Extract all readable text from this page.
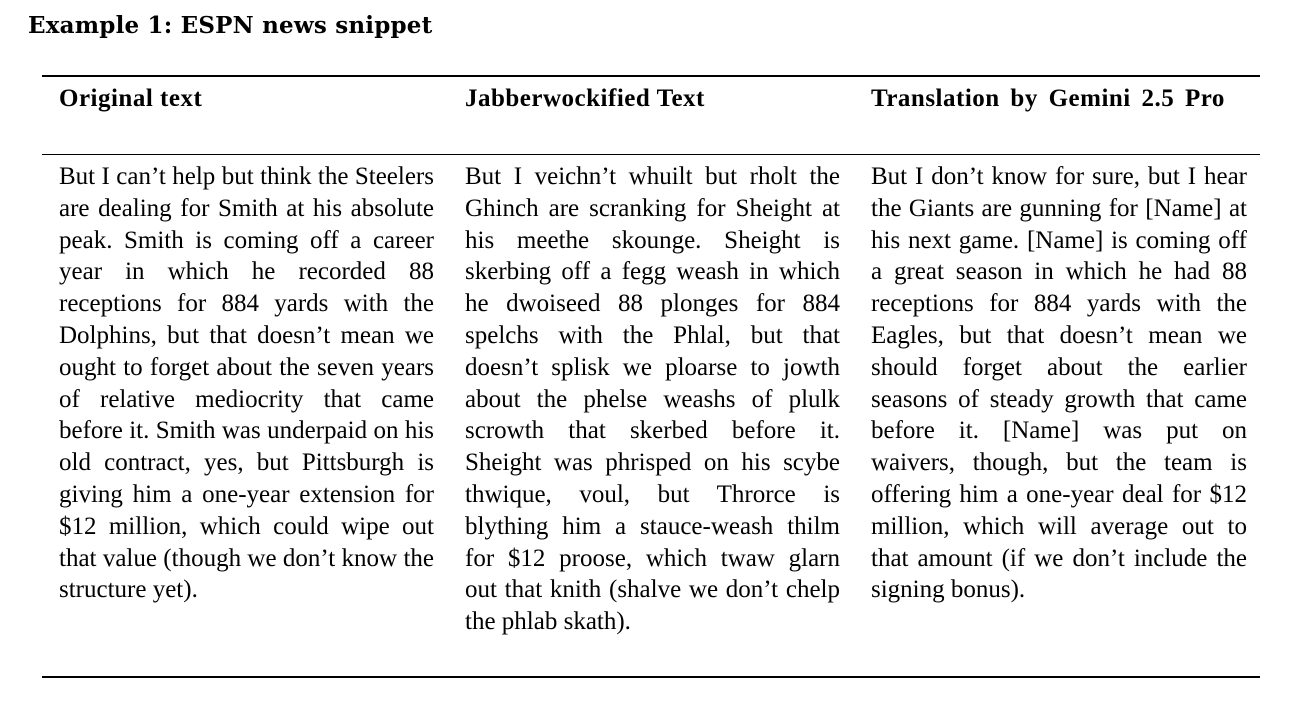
Example 1: ESPN news snippet
Original text	Jabberwockified Text	Translation by Gemini 2.5 Pro
But I can’t help but think the Steelers are dealing for Smith at his absolute peak. Smith is coming off a career year in which he recorded 88 receptions for 884 yards with the Dolphins, but that doesn’t mean we ought to forget about the seven years of relative mediocrity that came before it. Smith was underpaid on his old contract, yes, but Pittsburgh is giving him a one-year extension for $12 million, which could wipe out that value (though we don’t know the structure yet).
But I veichn’t whuilt but rholt the Ghinch are scranking for Sheight at his meethe skounge. Sheight is skerbing off a fegg weash in which he dwoiseed 88 plonges for 884 spelchs with the Phlal, but that doesn’t splisk we ploarse to jowth about the phelse weashs of plulk scrowth that skerbed before it. Sheight was phrisped on his scybe thwique, voul, but Throrce is blything him a stauce-weash thilm for $12 proose, which twaw glarn out that knith (shalve we don’t chelp the phlab skath).
But I don’t know for sure, but I hear the Giants are gunning for [Name] at his next game. [Name] is coming off a great season in which he had 88 receptions for 884 yards with the Eagles, but that doesn’t mean we should forget about the earlier seasons of steady growth that came before it. [Name] was put on waivers, though, but the team is offering him a one-year deal for $12 million, which will average out to that amount (if we don’t include the signing bonus).
